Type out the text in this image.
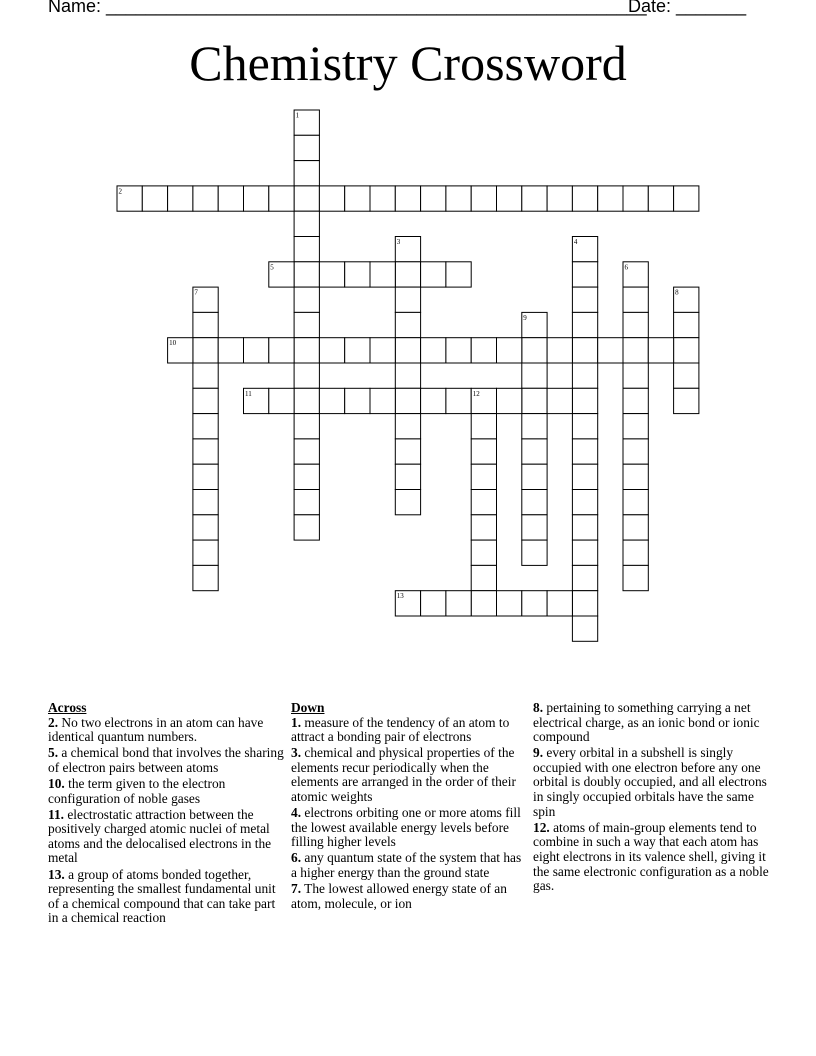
Name: ______________________________________________________
Date: _______
Chemistry Crossword
1
2
3	4
5	6
7	8
9
10
11	12
13

Across

2. No two electrons in an atom can have identical quantum numbers.

5. a chemical bond that involves the sharing of electron pairs between atoms

10. the term given to the electron configuration of noble gases

11. electrostatic attraction between the positively charged atomic nuclei of metal atoms and the delocalised electrons in the metal

13. a group of atoms bonded together, representing the smallest fundamental unit of a chemical compound that can take part in a chemical reaction

Down

1. measure of the tendency of an atom to attract a bonding pair of electrons

3. chemical and physical properties of the elements recur periodically when the elements are arranged in the order of their atomic weights

4. electrons orbiting one or more atoms fill the lowest available energy levels before filling higher levels

6. any quantum state of the system that has a higher energy than the ground state

7. The lowest allowed energy state of an atom, molecule, or ion

8. pertaining to something carrying a net electrical charge, as an ionic bond or ionic compound

9. every orbital in a subshell is singly occupied with one electron before any one orbital is doubly occupied, and all electrons in singly occupied orbitals have the same spin

12. atoms of main-group elements tend to combine in such a way that each atom has eight electrons in its valence shell, giving it the same electronic configuration as a noble gas.
